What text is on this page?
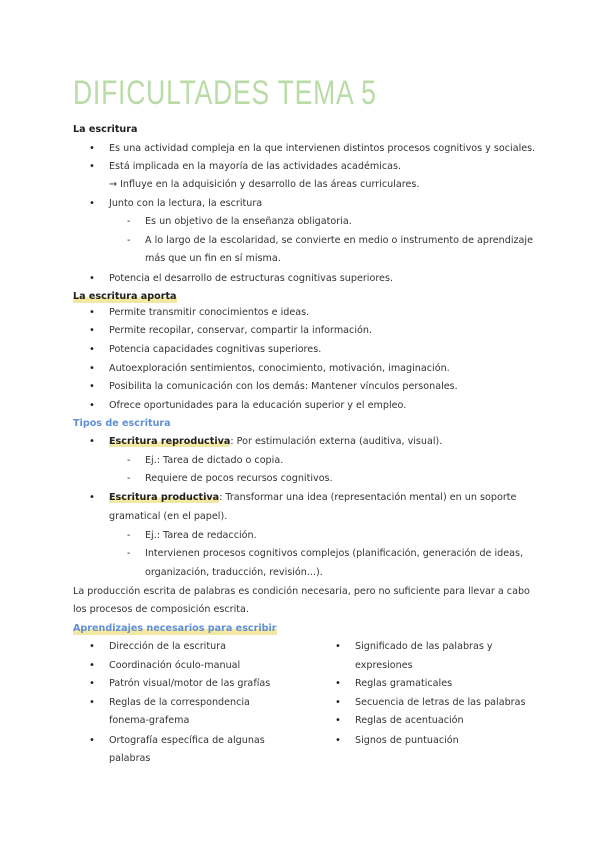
DIFICULTADES TEMA 5
La escritura
• Es una actividad compleja en la que intervienen distintos procesos cognitivos y sociales.
• Está implicada en la mayoría de las actividades académicas.
→ Influye en la adquisición y desarrollo de las áreas curriculares.
• Junto con la lectura, la escritura
- Es un objetivo de la enseñanza obligatoria.
- A lo largo de la escolaridad, se convierte en medio o instrumento de aprendizaje
más que un fin en sí misma.
• Potencia el desarrollo de estructuras cognitivas superiores.
La escritura aporta
• Permite transmitir conocimientos e ideas.
• Permite recopilar, conservar, compartir la información.
• Potencia capacidades cognitivas superiores.
• Autoexploración sentimientos, conocimiento, motivación, imaginación.
• Posibilita la comunicación con los demás: Mantener vínculos personales.
• Ofrece oportunidades para la educación superior y el empleo.
Tipos de escritura
• Escritura reproductiva: Por estimulación externa (auditiva, visual).
- Ej.: Tarea de dictado o copia.
- Requiere de pocos recursos cognitivos.
• Escritura productiva: Transformar una idea (representación mental) en un soporte
gramatical (en el papel).
- Ej.: Tarea de redacción.
- Intervienen procesos cognitivos complejos (planificación, generación de ideas,
organización, traducción, revisión...).
La producción escrita de palabras es condición necesaria, pero no suficiente para llevar a cabo
los procesos de composición escrita.
Aprendizajes necesarios para escribir
• Dirección de la escritura
• Coordinación óculo-manual
• Patrón visual/motor de las grafías
• Reglas de la correspondencia
fonema-grafema
• Ortografía específica de algunas
palabras
• Significado de las palabras y
expresiones
• Reglas gramaticales
• Secuencia de letras de las palabras
• Reglas de acentuación
• Signos de puntuación
